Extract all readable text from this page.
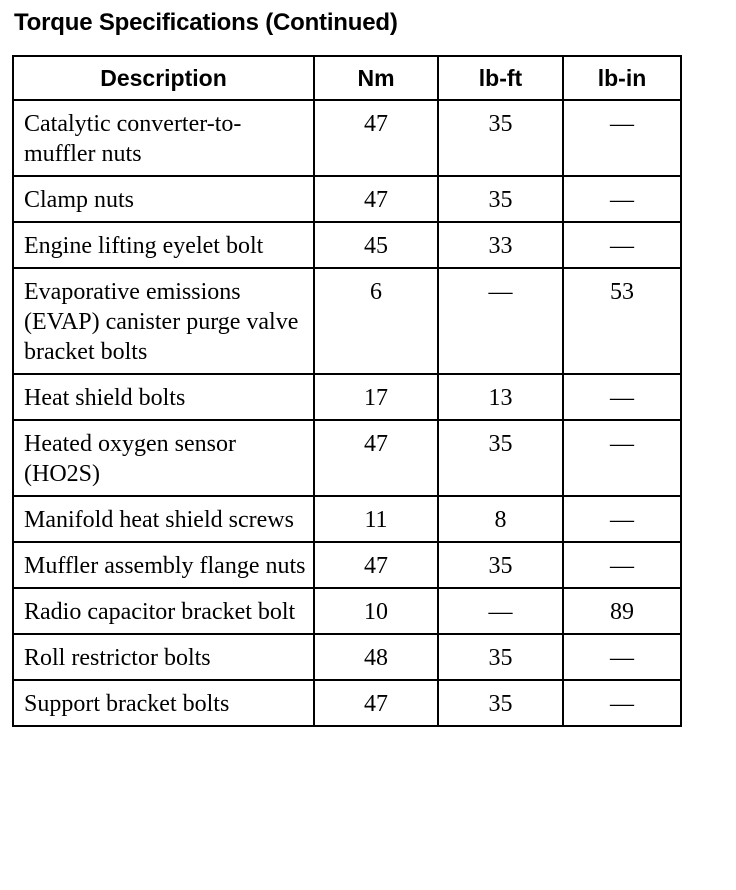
Torque Specifications (Continued)
Description	Nm	lb-ft	lb-in
Catalytic converter-to-muffler nuts	47	35	—
Clamp nuts	47	35	—
Engine lifting eyelet bolt	45	33	—
Evaporative emissions (EVAP) canister purge valve bracket bolts	6	—	53
Heat shield bolts	17	13	—
Heated oxygen sensor (HO2S)	47	35	—
Manifold heat shield screws	11	8	—
Muffler assembly flange nuts	47	35	—
Radio capacitor bracket bolt	10	—	89
Roll restrictor bolts	48	35	—
Support bracket bolts	47	35	—
